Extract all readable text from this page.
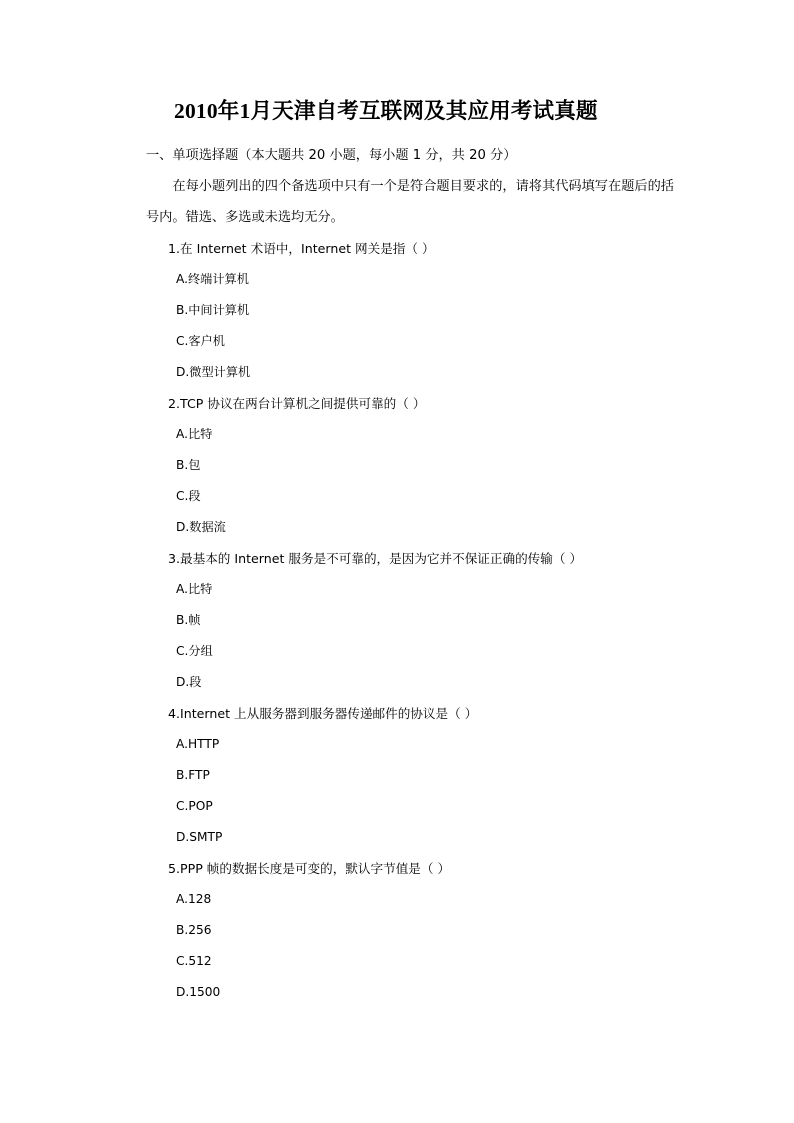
2010年1月天津自考互联网及其应用考试真题

一、单项选择题（本大题共 20 小题，每小题 1 分，共 20 分）

在每小题列出的四个备选项中只有一个是符合题目要求的，请将其代码填写在题后的括号内。错选、多选或未选均无分。

1.在 Internet 术语中，Internet 网关是指（ ）

A.终端计算机

B.中间计算机

C.客户机

D.微型计算机

2.TCP 协议在两台计算机之间提供可靠的（ ）

A.比特

B.包

C.段

D.数据流

3.最基本的 Internet 服务是不可靠的，是因为它并不保证正确的传输（ ）

A.比特

B.帧

C.分组

D.段

4.Internet 上从服务器到服务器传递邮件的协议是（ ）

A.HTTP

B.FTP

C.POP

D.SMTP

5.PPP 帧的数据长度是可变的，默认字节值是（ ）

A.128

B.256

C.512

D.1500
